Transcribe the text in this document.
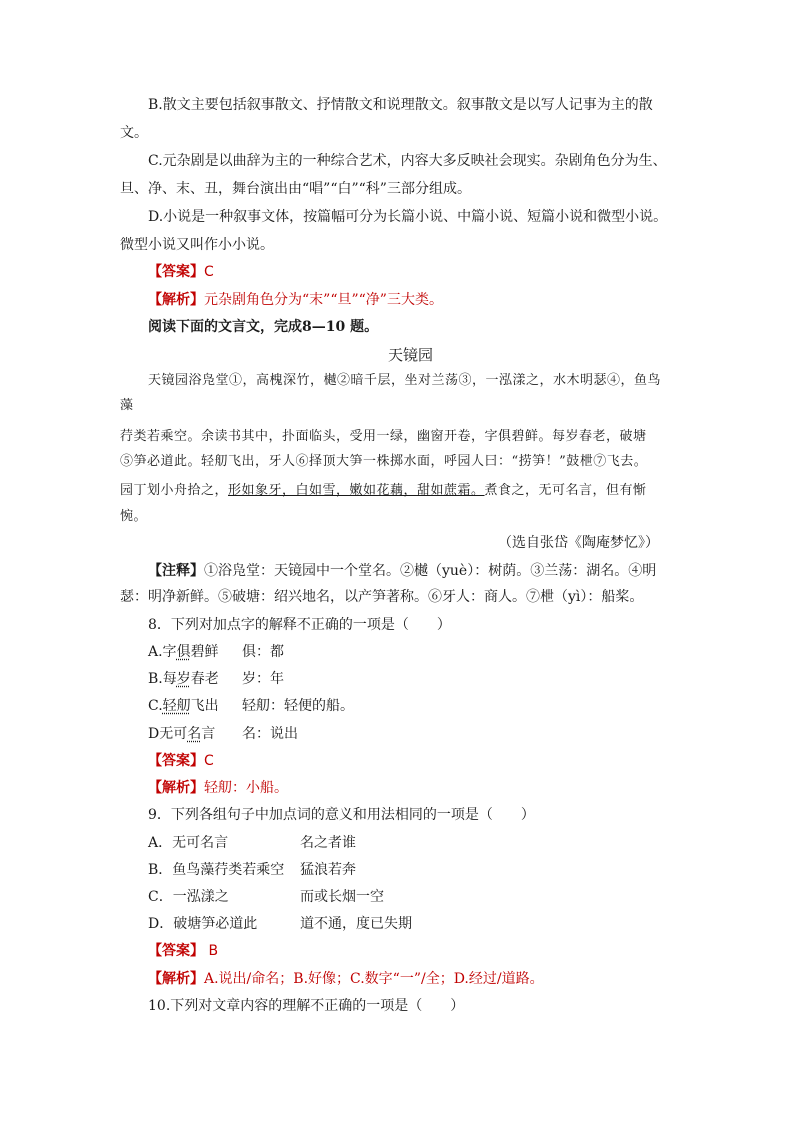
B.散文主要包括叙事散文、抒情散文和说理散文。叙事散文是以写人记事为主的散
文。
C.元杂剧是以曲辞为主的一种综合艺术，内容大多反映社会现实。杂剧角色分为生、
旦、净、末、丑，舞台演出由“唱”“白”“科”三部分组成。
D.小说是一种叙事文体，按篇幅可分为长篇小说、中篇小说、短篇小说和微型小说。
微型小说又叫作小小说。
【答案】C
【解析】元杂剧角色分为“末”“旦”“净”三大类。
阅读下面的文言文，完成8—10 题。
天镜园
天镜园浴凫堂①，高槐深竹，樾②暗千层，坐对兰荡③，一泓漾之，水木明瑟④，鱼鸟
藻
荇类若乘空。余读书其中，扑面临头，受用一绿，幽窗开卷，字俱碧鲜。每岁春老，破塘
⑤笋必道此。轻舠飞出，牙人⑥择顶大笋一株掷水面，呼园人曰：“捞笋！”鼓枻⑦飞去。
园丁划小舟拾之，形如象牙，白如雪，嫩如花藕，甜如蔗霜。煮食之，无可名言，但有惭
惋。
（选自张岱《陶庵梦忆》）
【注释】①浴凫堂：天镜园中一个堂名。②樾（yuè）：树荫。③兰荡：湖名。④明
瑟：明净新鲜。⑤破塘：绍兴地名，以产笋著称。⑥牙人：商人。⑦枻（yì）：船桨。
8．下列对加点字的解释不正确的一项是（　　）
A.字俱碧鲜	俱：都
B.每岁春老 岁：年
C.轻舠飞出 轻舠：轻便的船。
D无可名言 名：说出
【答案】C
【解析】轻舠：小船。
9．下列各组句子中加点词的意义和用法相同的一项是（　　）
A．无可名言	名之者谁
B．鱼鸟藻荇类若乘空 猛浪若奔
C．一泓漾之	而或长烟一空
D．破塘笋必道此	道不通，度已失期
【答案】 B
【解析】A.说出/命名；B.好像；C.数字“一”/全；D.经过/道路。
10.下列对文章内容的理解不正确的一项是（　　）
